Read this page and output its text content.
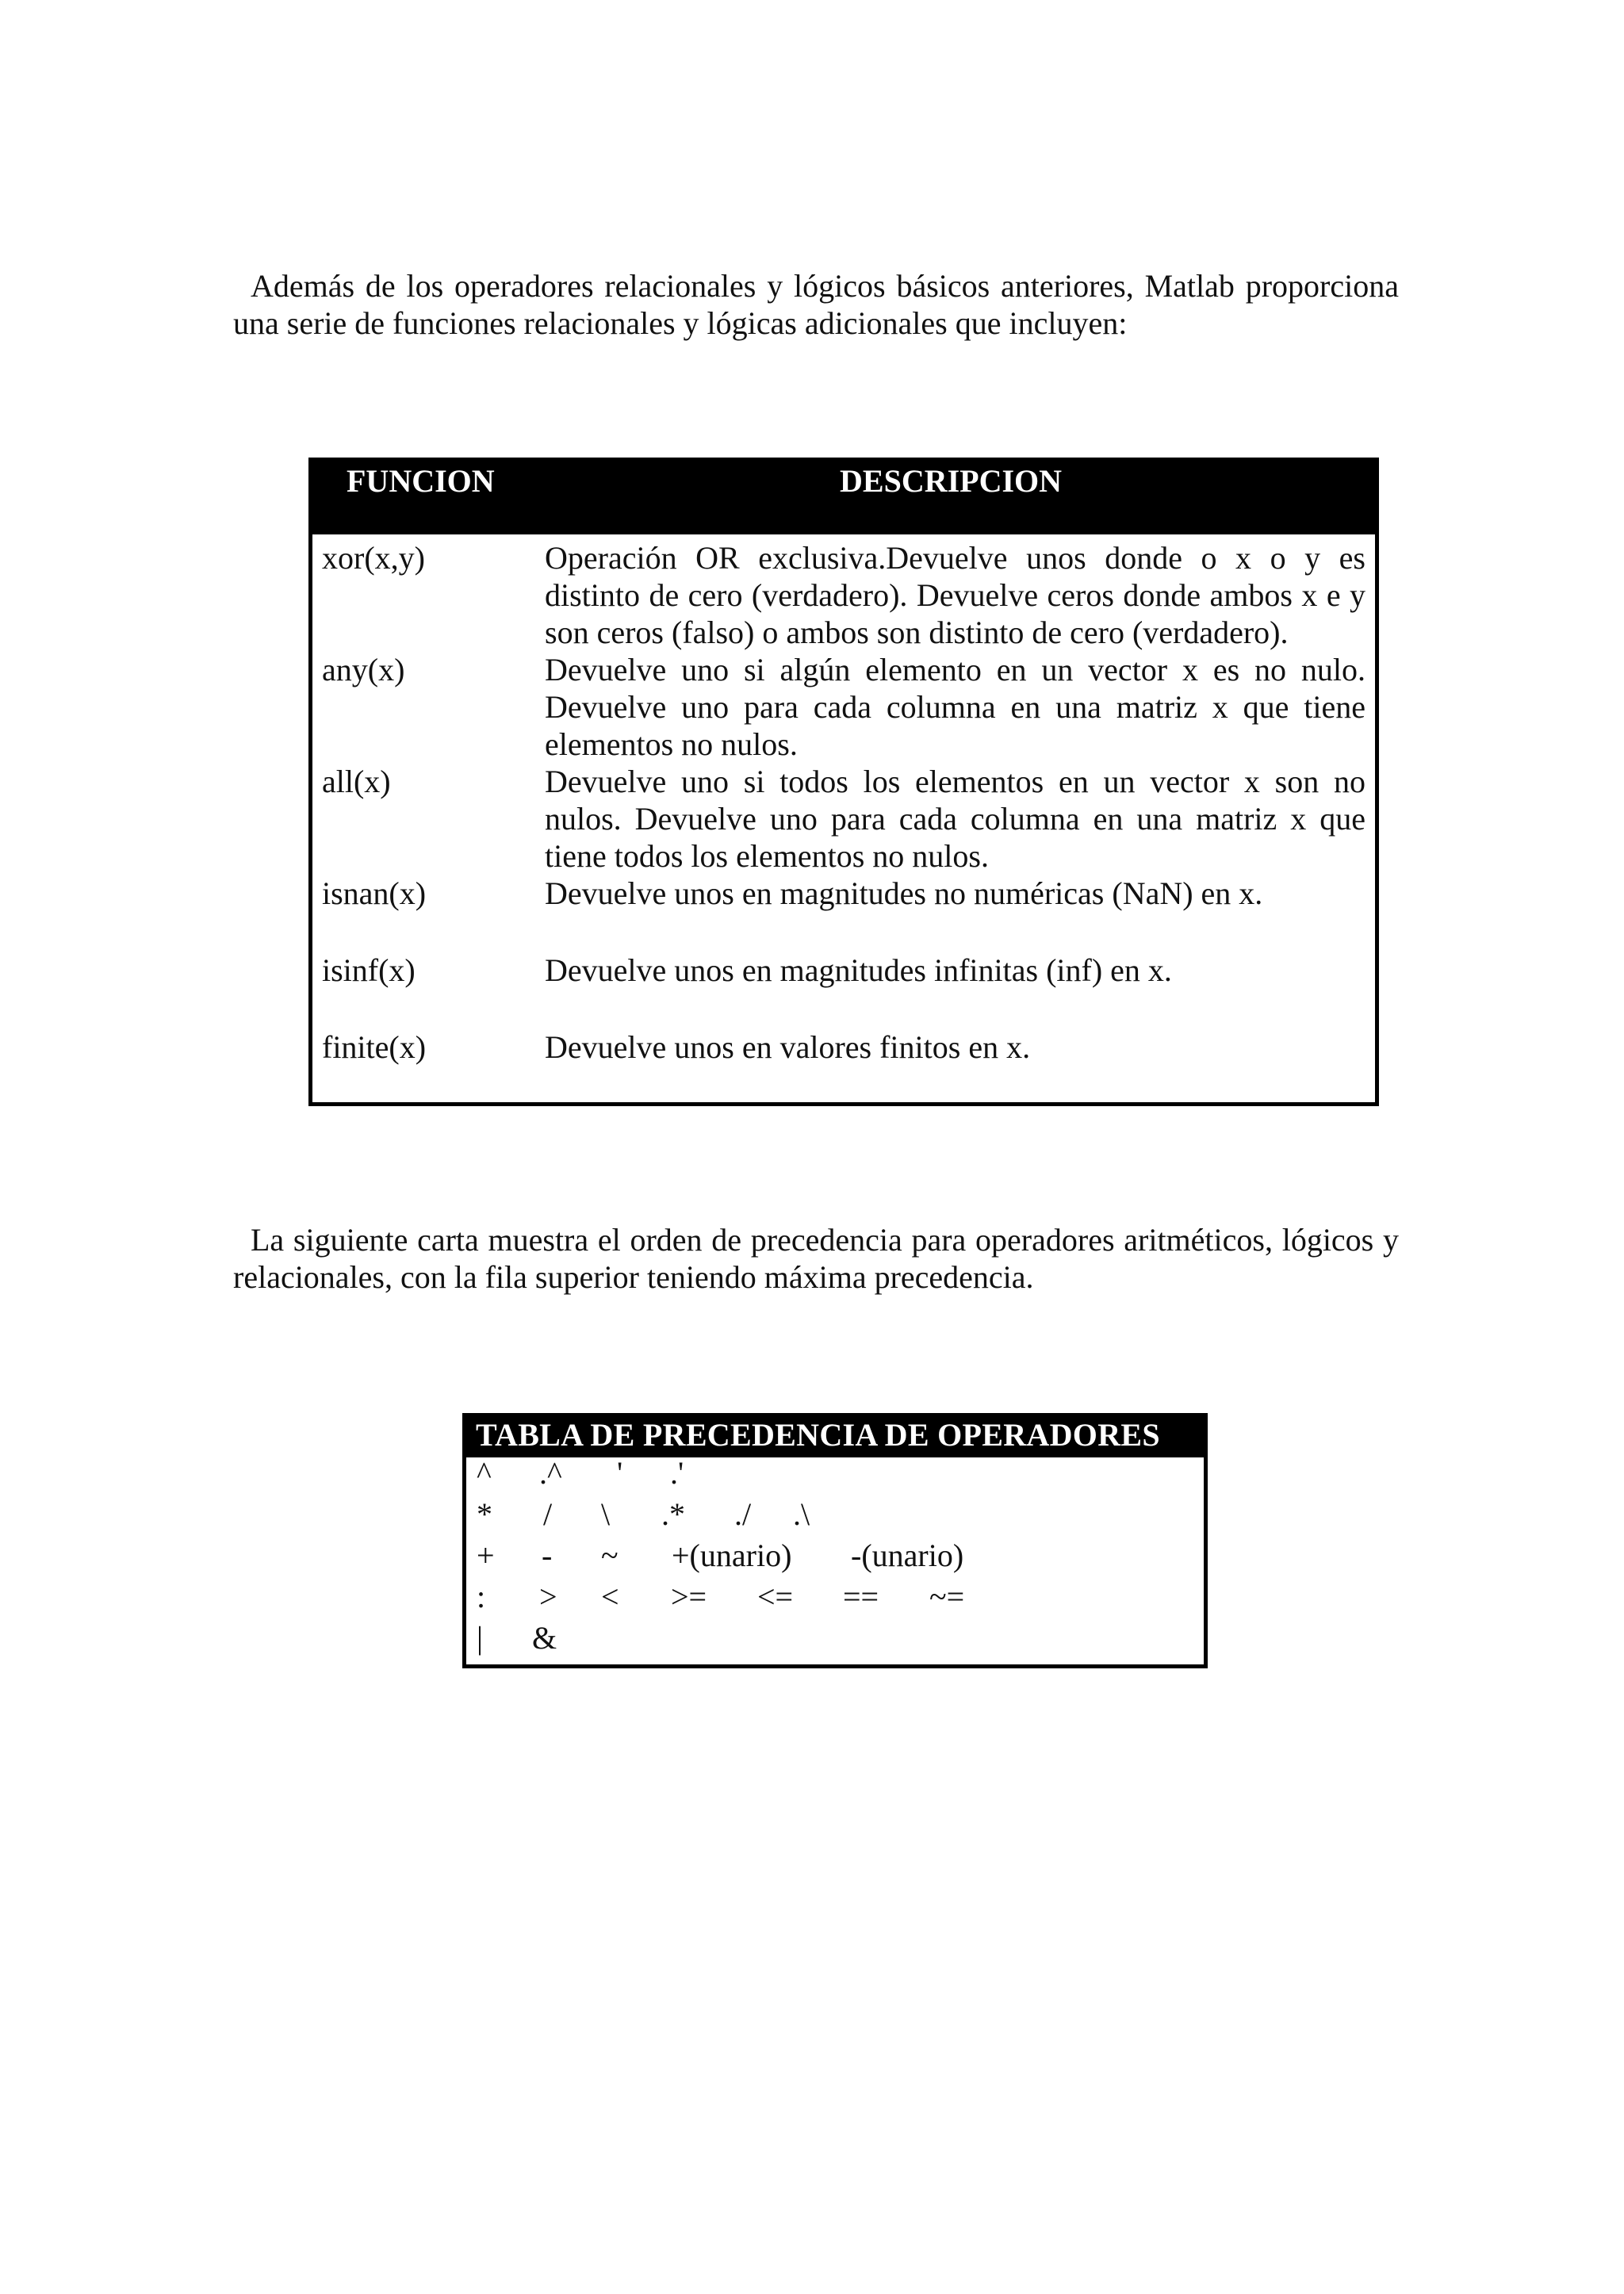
Además de los operadores relacionales y lógicos básicos anteriores, Matlab proporciona una serie de funciones relacionales y lógicas adicionales que incluyen:

FUNCION	DESCRIPCION
xor(x,y)	Operación OR exclusiva.Devuelve unos donde o x o y es distinto de cero (verdadero). Devuelve ceros donde ambos x e y son ceros (falso) o ambos son distinto de cero (verdadero).
any(x)	Devuelve uno si algún elemento en un vector x es no nulo. Devuelve uno para cada columna en una matriz x que tiene elementos no nulos.
all(x)	Devuelve uno si todos los elementos en un vector x son no nulos. Devuelve uno para cada columna en una matriz x que tiene todos los elementos no nulos.
isnan(x)	Devuelve unos en magnitudes no numéricas (NaN) en x.
isinf(x)	Devuelve unos en magnitudes infinitas (inf) en x.
finite(x)	Devuelve unos en valores finitos en x.

La siguiente carta muestra el orden de precedencia para operadores aritméticos, lógicos y relacionales, con la fila superior teniendo máxima precedencia.

TABLA DE PRECEDENCIA DE OPERADORES
^ .^ ' .'
* / \ .* ./ .\
+ - ~ +(unario) -(unario)
: > < >= <= == ~=
| &
